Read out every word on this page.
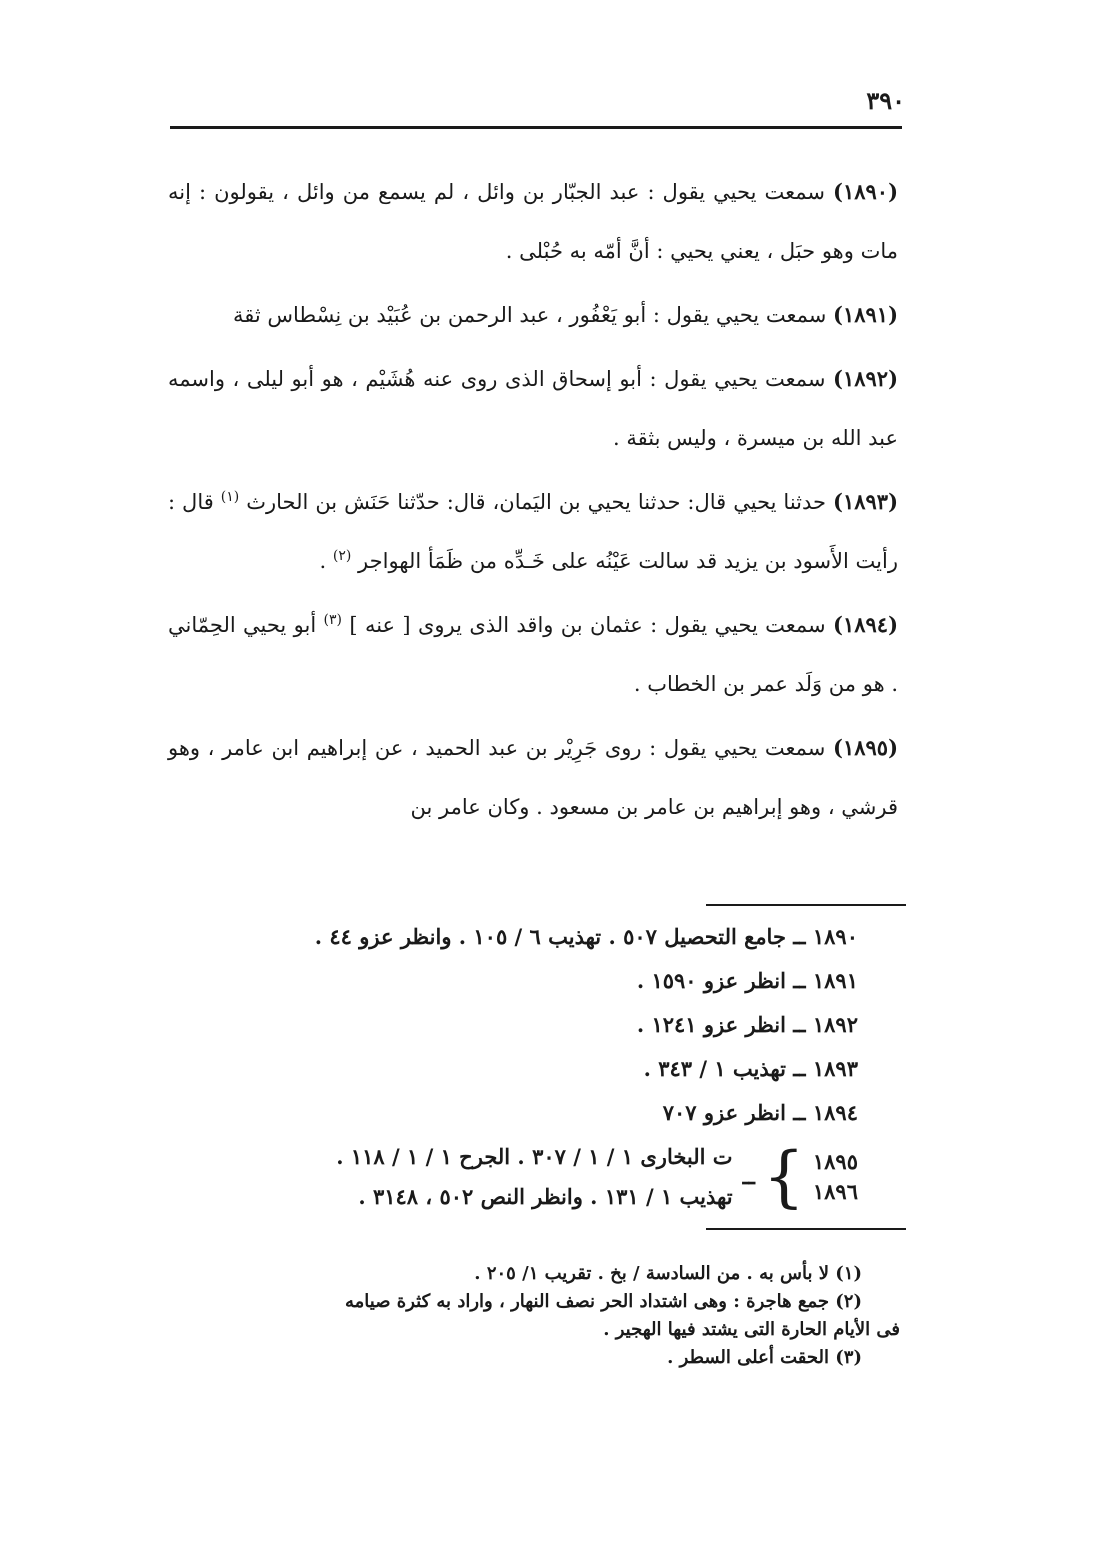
٣٩٠

( ١٨٩٠ ) سمعت يحيي يقول : عبد الجبّار بن وائل ، لم يسمع من وائل ، يقولون : إنه مات وهو حبَل ، يعني يحيي : أنَّ أمّه به حُبْلى .

( ١٨٩١ ) سمعت يحيي يقول : أبو يَعْفُور ، عبد الرحمن بن عُبَيْد بن نِسْطاس ثقة

( ١٨٩٢ ) سمعت يحيي يقول : أبو إسحاق الذى روى عنه هُشَيْم ، هو أبو ليلى ، واسمه عبد الله بن ميسرة ، وليس بثقة .

( ١٨٩٣ ) حدثنا يحيي قال: حدثنا يحيي بن اليَمان، قال: حدّثنا حَنَش بن الحارث $^{(١)}$ قال : رأيت الأَسود بن يزيد قد سالت عَيْنُه على خَـدِّه من ظَمَأ الهواجر $^{(٢)}$ .

( ١٨٩٤ ) سمعت يحيي يقول : عثمان بن واقد الذى يروى [ عنه ] $^{(٣)}$ أبو يحيي الحِمّاني . هو من وَلَد عمر بن الخطاب .

( ١٨٩٥ ) سمعت يحيي يقول : روى جَرِيْر بن عبد الحميد ، عن إبراهيم ابن عامر ، وهو قرشي ، وهو إبراهيم بن عامر بن مسعود . وكان عامر بن

١٨٩٠ ــ جامع التحصيل ٥٠٧ . تهذيب ٦ / ١٠٥ . وانظر عزو ٤٤ .
١٨٩١ ــ انظر عزو ١٥٩٠ .
١٨٩٢ ــ انظر عزو ١٢٤١ .
١٨٩٣ ــ تهذيب ١ / ٣٤٣ .
١٨٩٤ ــ انظر عزو ٧٠٧
١٨٩٥
١٨٩٦
}
ــ
ت البخارى ١ / ١ / ٣٠٧ . الجرح ١ / ١ / ١١٨ .
تهذيب ١ / ١٣١ . وانظر النص ٥٠٢ ، ٣١٤٨ .

(١) لا بأس به . من السادسة / بخ . تقريب ١/ ٢٠٥ .

(٢) جمع هاجرة : وهى اشتداد الحر نصف النهار ، واراد به كثرة صيامه

فى الأيام الحارة التى يشتد فيها الهجير .

(٣) الحقت أعلى السطر .
